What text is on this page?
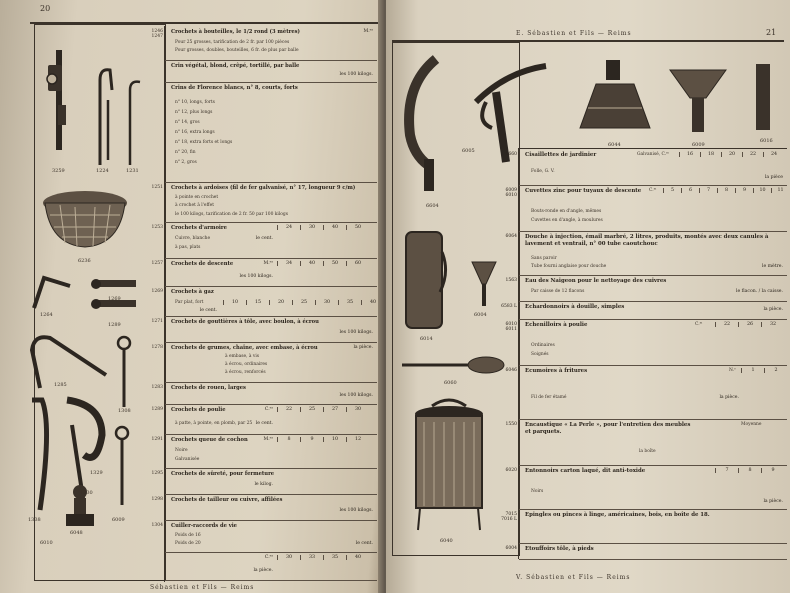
20
3259	1224	1231
6236
1264
1269
1289
1285
1308
1329
1338
1230
6048
6009
6010
1246 1247
Crochets à bouteilles, le 1/2 rond (3 mètres)	M.ᵉˢ
Pour 25 grosses, tarification de 2 fr. par 100 pièces
Pour grosses, doubles, bouteilles, 6 fr. de plus par balle
Crin végétal, blond, crêpé, tortillé, par balle
les 100 kilogs.
Crins de Florence blancs, n° 8, courts, forts
n° 10, longs, forts
n° 12, plus longs
n° 14, gros
n° 16, extra longs
n° 18, extra forts et longs
n° 20, fin
n° 2, gros
1251 Crochets à ardoises (fil de fer galvanisé, n° 17, longueur 9 c/m)
à pointe en crochet
à crochet à l'effet
le 100 kilogs, tarification de 2 fr. 50 par 100 kilogs
1253 Crochets d'armoire	24	30	40	50
Cuivre, blanche
à pas, plats
le cent.
1257 Crochets de descente	M.ᵉˢ	34	40	50	60
les 100 kilogs.
1269 Crochets à gaz
10	15	20	25	30	35	40
Par plat, fort
le cent.
1271 Crochets de gouttières à tôle, avec boulon, à écrou
les 100 kilogs.
1278 Crochets de grumes, chaîne, avec embase, à écrou	la pièce.
à embase, à vis
à écrou, ordinaires
à écrou, renforcés
1283 Crochets de rouen, larges
les 100 kilogs.
1289 Crochets de poulie	C.ᵉˢ	22	25	27	30
à patte, à pointe, en plomb, par 25 le cent.
1291 Crochets queue de cochon	M.ᵉˢ	8	9	10	12
Noire
Galvanisée
1295 Crochets de sûreté, pour fermeture
le kilog.
1298 Crochets de tailleur ou cuivre, affilées
les 100 kilogs.
1304 Cuiller-raccords de vie
Poids de 16
Poids de 20	le cent.
C.ᵉˢ	30	33	35	40
la pièce.
Sébastien et Fils — Reims
E. Sébastien et Fils — Reims	21
6604
6005
6044	6009
6016
6014
6004
6060
6040
6660 Cisaillettes de jardinier	Galvanisé, C.ᵐ	16	18	20	22	24
Folle, G. V.
la pièce
6009 6010
Cuvettes zinc pour tuyaux de descente C.ᵐ	5	6	7	8	9	10	11
Bouts-ronde en d'angle, mêmes
Cuvettes en d'angle, à moulures
6064 Douche à injection, émail marbré, 2 litres, produits, montés avec deux canules à lavement et ventrail, n° 00 tube caoutchouc
Sans paroir
Tube fourni anglaise pour douche	le mètre.
1563 Eau des Naigeon pour le nettoyage des cuivres
Par caisse de 12 flacons	le flacon. / la caisse.
6583 L Echardonnoirs à douille, simples	la pièce.
6010 6011
Echenilloirs à poulie	C.ᵐ	22	26	32
Ordinaires
Soignés
6046 Ecumoires à fritures	N.ᵒ	1	2
Fil de fer étamé	la pièce.
1550 Encaustique « La Perle », pour l'entretien des meubles et parquets.
Moyenne
la boîte
6020 Entonnoirs carton laqué, dit anti-toxide	7	8	9
Noirs
la pièce.
7015 7016 L
Epingles ou pinces à linge, américaines, bois, en boîte de 18.
6004 Etouffoirs tôle, à pieds
V. Sébastien et Fils — Reims
